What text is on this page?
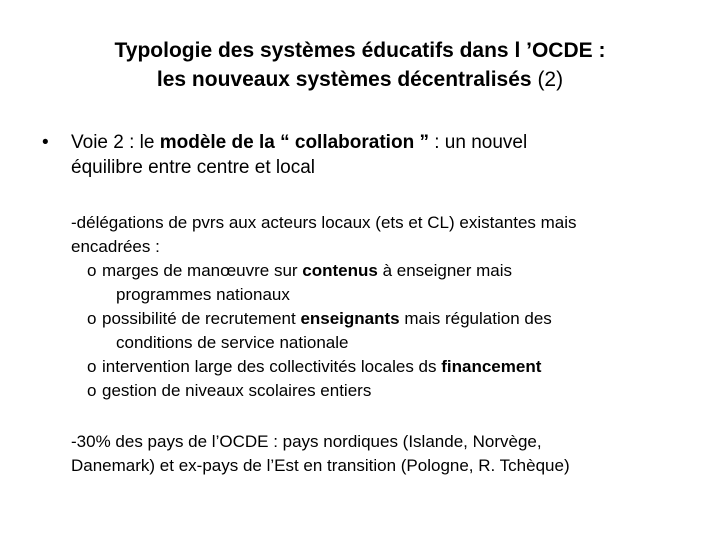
Typologie des systèmes éducatifs dans l ’OCDE :
les nouveaux systèmes décentralisés (2)
•	Voie 2 : le modèle de la “ collaboration ” : un nouvel
équilibre entre centre et local
-délégations de pvrs aux acteurs locaux (ets et CL) existantes mais
encadrées :
o marges de manœuvre sur contenus à enseigner mais
programmes nationaux
o possibilité de recrutement enseignants mais régulation des
conditions de service nationale
o intervention large des collectivités locales ds financement
o gestion de niveaux scolaires entiers
-30% des pays de l’OCDE : pays nordiques (Islande, Norvège,
Danemark) et ex-pays de l’Est en transition (Pologne, R. Tchèque)
